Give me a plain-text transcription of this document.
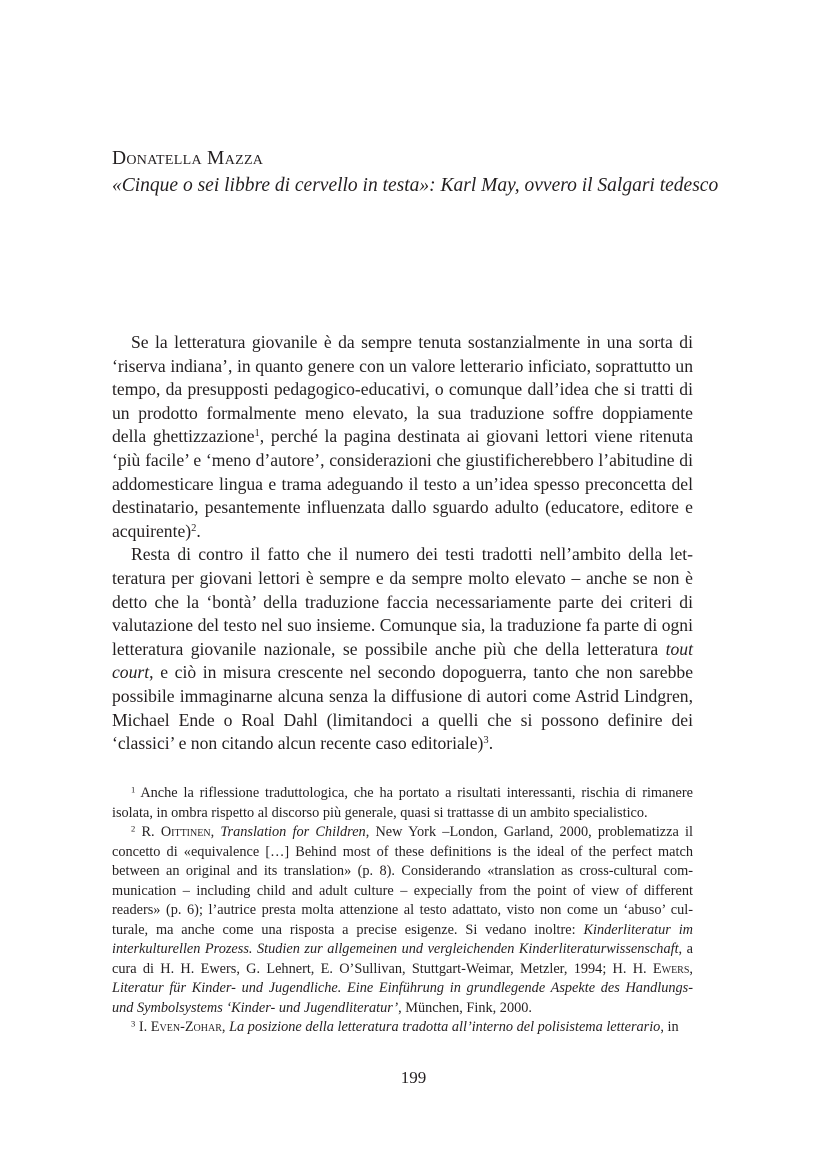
Donatella Mazza
«Cinque o sei libbre di cervello in testa»: Karl May, ovvero il Salgari tedesco

Se la letteratura giovanile è da sempre tenuta sostanzialmente in una sorta di ‘riserva indiana’, in quanto genere con un valore letterario inficiato, soprattutto un tempo, da presupposti pedagogico-educativi, o comunque dall’idea che si tratti di un prodotto formalmente meno elevato, la sua traduzione soffre doppiamente della ghettizzazione$^1$, perché la pagina destinata ai giovani lettori viene ritenuta ‘più facile’ e ‘meno d’autore’, considerazioni che giustificherebbero l’abitudine di addomesticare lingua e trama adeguando il testo a un’idea spesso preconcetta del destinatario, pesantemente influenzata dallo sguardo adulto (educatore, editore e acquirente)$^2$.

Resta di contro il fatto che il numero dei testi tradotti nell’ambito della letteratura per giovani lettori è sempre e da sempre molto elevato – anche se non è detto che la ‘bontà’ della traduzione faccia necessariamente parte dei criteri di valutazione del testo nel suo insieme. Comunque sia, la traduzione fa parte di ogni letteratura giovanile nazionale, se possibile anche più che della letteratura tout court, e ciò in misura crescente nel secondo dopoguerra, tanto che non sarebbe possibile immaginarne alcuna senza la diffusione di autori come Astrid Lindgren, Michael Ende o Roal Dahl (limitandoci a quelli che si possono definire dei ‘classici’ e non citando alcun recente caso editoriale)$^3$.

$^1$ Anche la riflessione traduttologica, che ha portato a risultati interessanti, rischia di rimanere isolata, in ombra rispetto al discorso più generale, quasi si trattasse di un ambito specialistico.

$^2$ R. Oittinen, Translation for Children, New York –London, Garland, 2000, problematizza il concetto di «equivalence […] Behind most of these definitions is the ideal of the perfect match between an original and its translation» (p. 8). Considerando «translation as cross-cultural communication – including child and adult culture – expecially from the point of view of different readers» (p. 6); l’autrice presta molta attenzione al testo adattato, visto non come un ‘abuso’ culturale, ma anche come una risposta a precise esigenze. Si vedano inoltre: Kinderliteratur im interkulturellen Prozess. Studien zur allgemeinen und vergleichenden Kinderliteraturwissenschaft, a cura di H. H. Ewers, G. Lehnert, E. O’Sullivan, Stuttgart-Weimar, Metzler, 1994; H. H. Ewers, Literatur für Kinder- und Jugendliche. Eine Einführung in grundlegende Aspekte des Handlungs- und Symbolsystems ‘Kinder- und Jugendliteratur’, München, Fink, 2000.

$^3$ I. Even-Zohar, La posizione della letteratura tradotta all’interno del polisistema letterario, in

199
